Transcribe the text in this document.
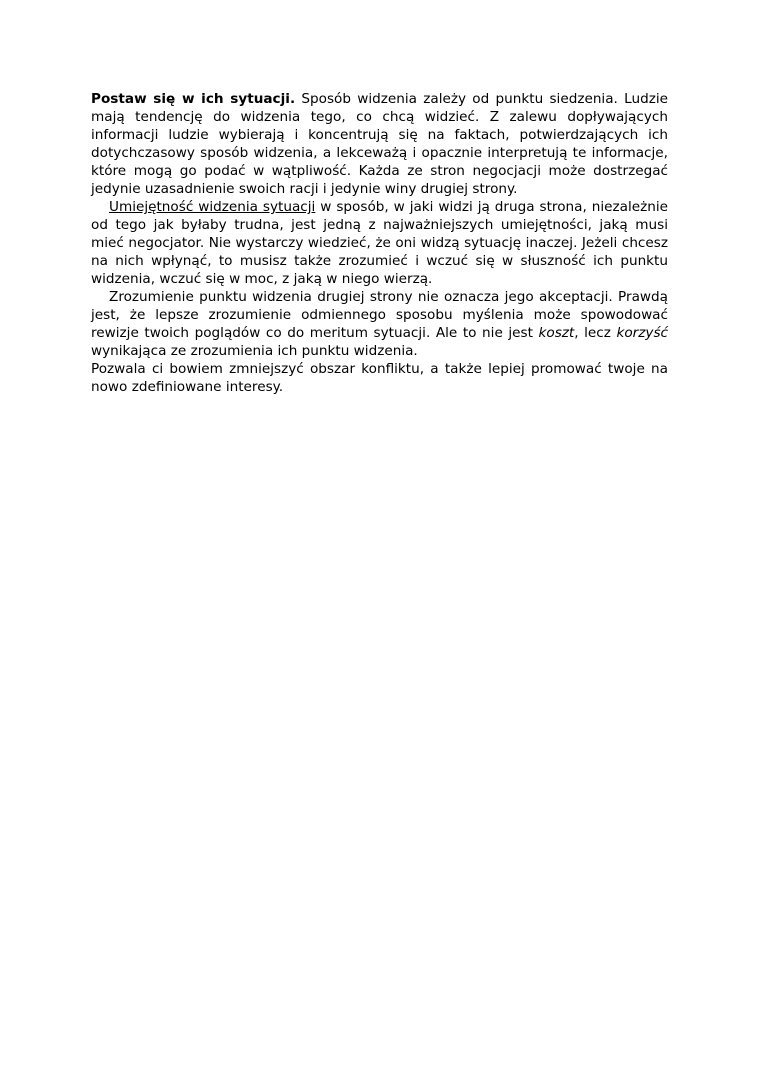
Postaw się w ich sytuacji. Sposób widzenia zależy od punktu siedzenia. Ludzie mają tendencję do widzenia tego, co chcą widzieć. Z zalewu dopływających informacji ludzie wybierają i koncentrują się na faktach, potwierdzających ich dotychczasowy sposób widzenia, a lekceważą i opacznie interpretują te informacje, które mogą go podać w wątpliwość. Każda ze stron negocjacji może dostrzegać jedynie uzasadnienie swoich racji i jedynie winy drugiej strony.

Umiejętność widzenia sytuacji w sposób, w jaki widzi ją druga strona, niezależnie od tego jak byłaby trudna, jest jedną z najważniejszych umiejętności, jaką musi mieć negocjator. Nie wystarczy wiedzieć, że oni widzą sytuację inaczej. Jeżeli chcesz na nich wpłynąć, to musisz także zrozumieć i wczuć się w słuszność ich punktu widzenia, wczuć się w moc, z jaką w niego wierzą.

Zrozumienie punktu widzenia drugiej strony nie oznacza jego akceptacji. Prawdą jest, że lepsze zrozumienie odmiennego sposobu myślenia może spowodować rewizje twoich poglądów co do meritum sytuacji. Ale to nie jest koszt, lecz korzyść wynikająca ze zrozumienia ich punktu widzenia.

Pozwala ci bowiem zmniejszyć obszar konfliktu, a także lepiej promować twoje na nowo zdefiniowane interesy.
